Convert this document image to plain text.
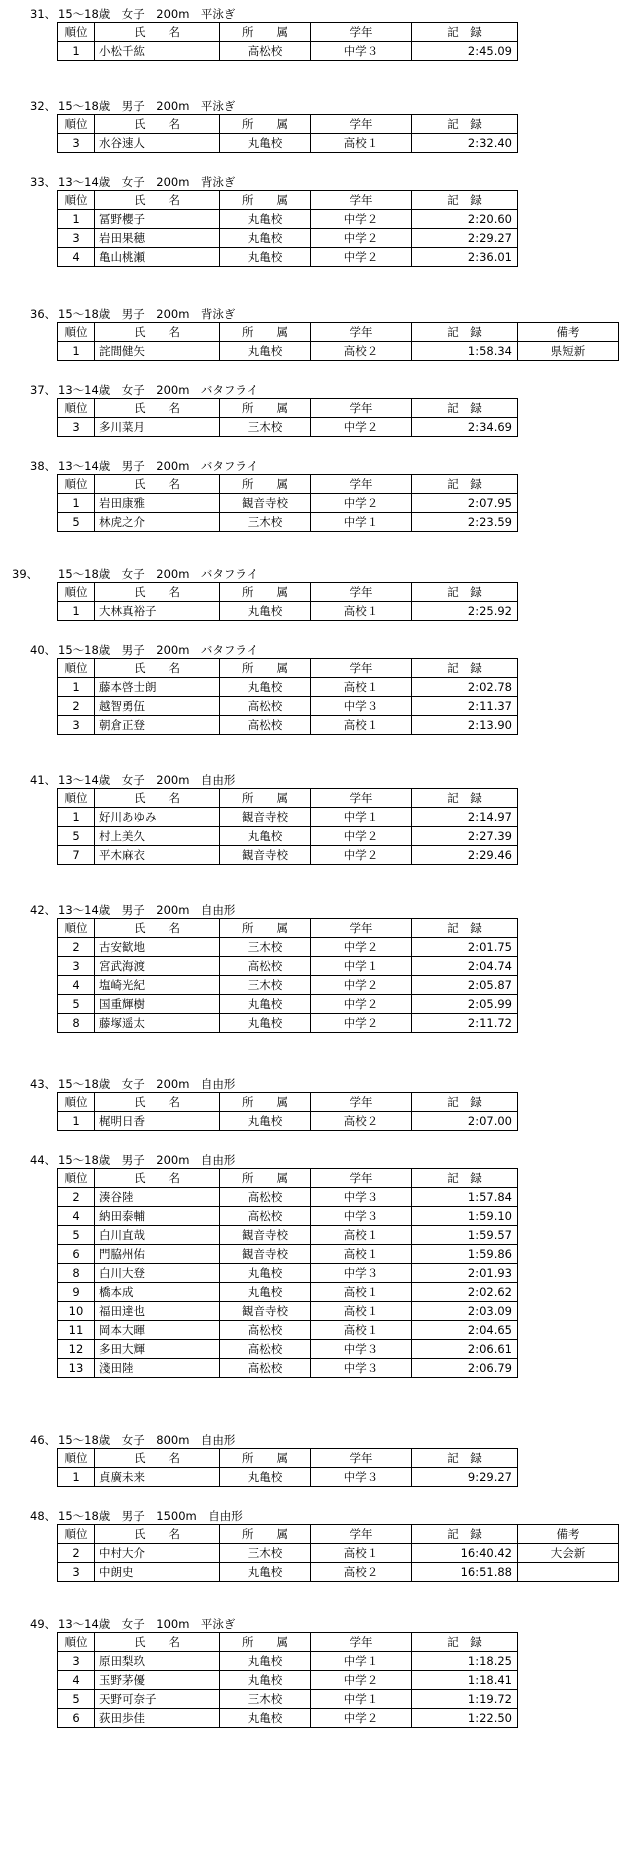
31、 15〜18歳　女子　200m　平泳ぎ
順位	氏　　名	所　　属	学年	記　録
1	小松千紘	高松校	中学３	2:45.09
32、 15〜18歳　男子　200m　平泳ぎ
順位	氏　　名	所　　属	学年	記　録
3	水谷速人	丸亀校	高校１	2:32.40
33、 13〜14歳　女子　200m　背泳ぎ
順位	氏　　名	所　　属	学年	記　録
1	冨野櫻子	丸亀校	中学２	2:20.60
3	岩田果穂	丸亀校	中学２	2:29.27
4	亀山桃瀬	丸亀校	中学２	2:36.01
36、 15〜18歳　男子　200m　背泳ぎ
順位	氏　　名	所　　属	学年	記　録	備考
1	詫間健矢	丸亀校	高校２	1:58.34	県短新
37、 13〜14歳　女子　200m　バタフライ
順位	氏　　名	所　　属	学年	記　録
3	多川菜月	三木校	中学２	2:34.69
38、 13〜14歳　男子　200m　バタフライ
順位	氏　　名	所　　属	学年	記　録
1	岩田康雅	観音寺校	中学２	2:07.95
5	林虎之介	三木校	中学１	2:23.59
39、 15〜18歳　女子　200m　バタフライ
順位	氏　　名	所　　属	学年	記　録
1	大林真裕子	丸亀校	高校１	2:25.92
40、 15〜18歳　男子　200m　バタフライ
順位	氏　　名	所　　属	学年	記　録
1	藤本啓士朗	丸亀校	高校１	2:02.78
2	越智勇伍	高松校	中学３	2:11.37
3	朝倉正登	高松校	高校１	2:13.90
41、 13〜14歳　女子　200m　自由形
順位	氏　　名	所　　属	学年	記　録
1	好川あゆみ	観音寺校	中学１	2:14.97
5	村上美久	丸亀校	中学２	2:27.39
7	平木麻衣	観音寺校	中学２	2:29.46
42、 13〜14歳　男子　200m　自由形
順位	氏　　名	所　　属	学年	記　録
2	古安歓地	三木校	中学２	2:01.75
3	宮武海渡	高松校	中学１	2:04.74
4	塩崎光紀	三木校	中学２	2:05.87
5	国重輝樹	丸亀校	中学２	2:05.99
8	藤塚遥太	丸亀校	中学２	2:11.72
43、 15〜18歳　女子　200m　自由形
順位	氏　　名	所　　属	学年	記　録
1	梶明日香	丸亀校	高校２	2:07.00
44、 15〜18歳　男子　200m　自由形
順位	氏　　名	所　　属	学年	記　録
2	湊谷陸	高松校	中学３	1:57.84
4	納田泰輔	高松校	中学３	1:59.10
5	白川直哉	観音寺校	高校１	1:59.57
6	門脇州佑	観音寺校	高校１	1:59.86
8	白川大登	丸亀校	中学３	2:01.93
9	橋本成	丸亀校	高校１	2:02.62
10	福田達也	観音寺校	高校１	2:03.09
11	岡本大暉	高松校	高校１	2:04.65
12	多田大輝	高松校	中学３	2:06.61
13	淺田陸	高松校	中学３	2:06.79
46、 15〜18歳　女子　800m　自由形
順位	氏　　名	所　　属	学年	記　録
1	貞廣未来	丸亀校	中学３	9:29.27
48、 15〜18歳　男子　1500m　自由形
順位	氏　　名	所　　属	学年	記　録	備考
2	中村大介	三木校	高校１	16:40.42	大会新
3	中朗史	丸亀校	高校２	16:51.88	
49、 13〜14歳　女子　100m　平泳ぎ
順位	氏　　名	所　　属	学年	記　録
3	原田梨玖	丸亀校	中学１	1:18.25
4	玉野茅優	丸亀校	中学２	1:18.41
5	天野可奈子	三木校	中学１	1:19.72
6	荻田歩佳	丸亀校	中学２	1:22.50
